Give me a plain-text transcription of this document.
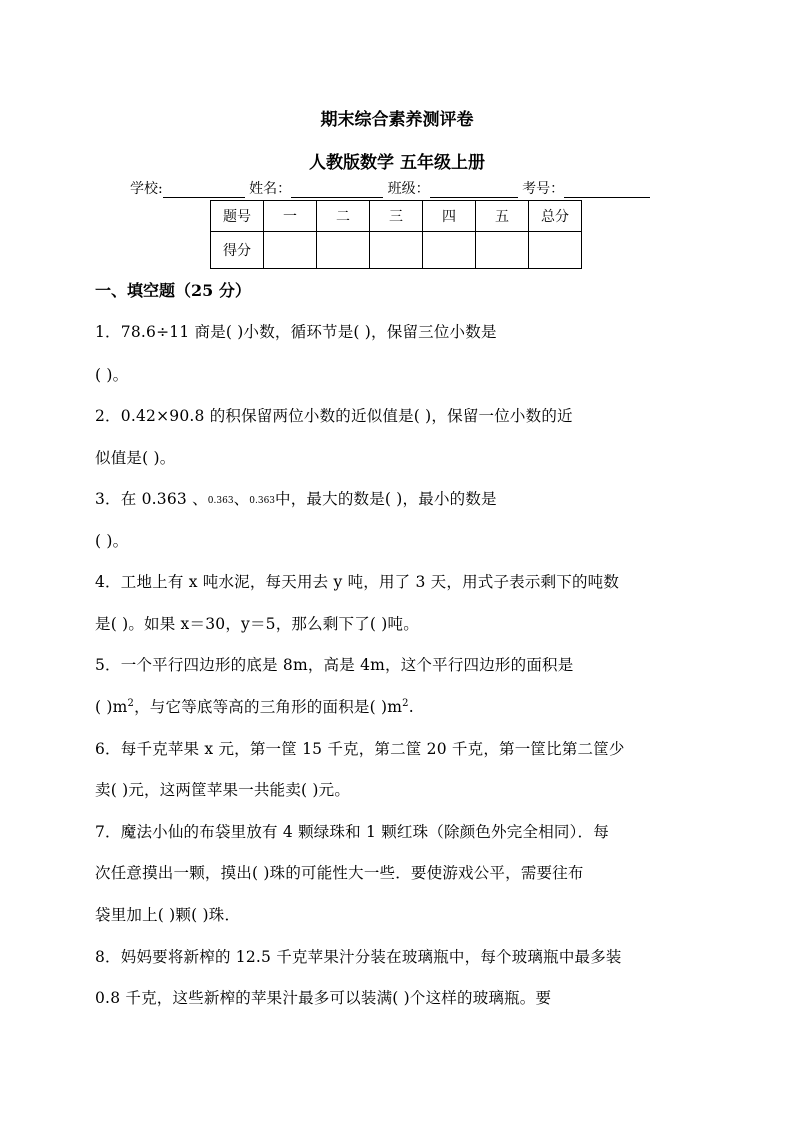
期末综合素养测评卷
人教版数学 五年级上册
学校:	姓名：	班级：	考号：
题号	一	二	三	四	五	总分
得分						
一、填空题（25 分）
1．78.6÷11 商是( )小数，循环节是( )，保留三位小数是
( )。
2．0.42×90.8 的积保留两位小数的近似值是( )，保留一位小数的近
似值是( )。
3．在 0.363 、0.363、0.363中，最大的数是( )，最小的数是
( )。
4．工地上有 x 吨水泥，每天用去 y 吨，用了 3 天，用式子表示剩下的吨数
是( )。如果 x＝30，y＝5，那么剩下了( )吨。
5．一个平行四边形的底是 8m，高是 4m，这个平行四边形的面积是
( )$m^2$，与它等底等高的三角形的面积是( )$m^2$.
6．每千克苹果 x 元，第一筐 15 千克，第二筐 20 千克，第一筐比第二筐少
卖( )元，这两筐苹果一共能卖( )元。
7．魔法小仙的布袋里放有 4 颗绿珠和 1 颗红珠（除颜色外完全相同）．每
次任意摸出一颗，摸出( )珠的可能性大一些．要使游戏公平，需要往布
袋里加上( )颗( )珠．
8．妈妈要将新榨的 12.5 千克苹果汁分装在玻璃瓶中，每个玻璃瓶中最多装
0.8 千克，这些新榨的苹果汁最多可以装满( )个这样的玻璃瓶。要
